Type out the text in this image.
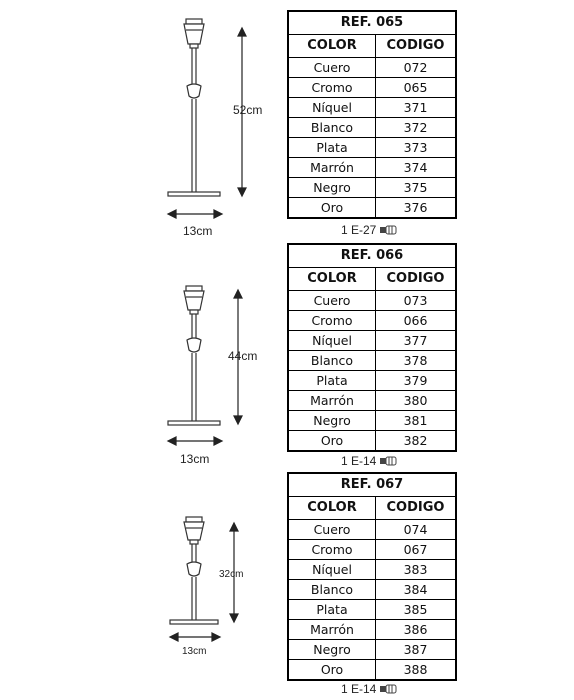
52cm
13cm
REF. 065	
COLOR	CODIGO
Cuero	072
Cromo	065
Níquel	371
Blanco	372
Plata	373
Marrón	374
Negro	375
Oro	376
1 E-27
44cm
13cm
REF. 066	
COLOR	CODIGO
Cuero	073
Cromo	066
Níquel	377
Blanco	378
Plata	379
Marrón	380
Negro	381
Oro	382
1 E-14
32cm
13cm
REF. 067	
COLOR	CODIGO
Cuero	074
Cromo	067
Níquel	383
Blanco	384
Plata	385
Marrón	386
Negro	387
Oro	388
1 E-14
